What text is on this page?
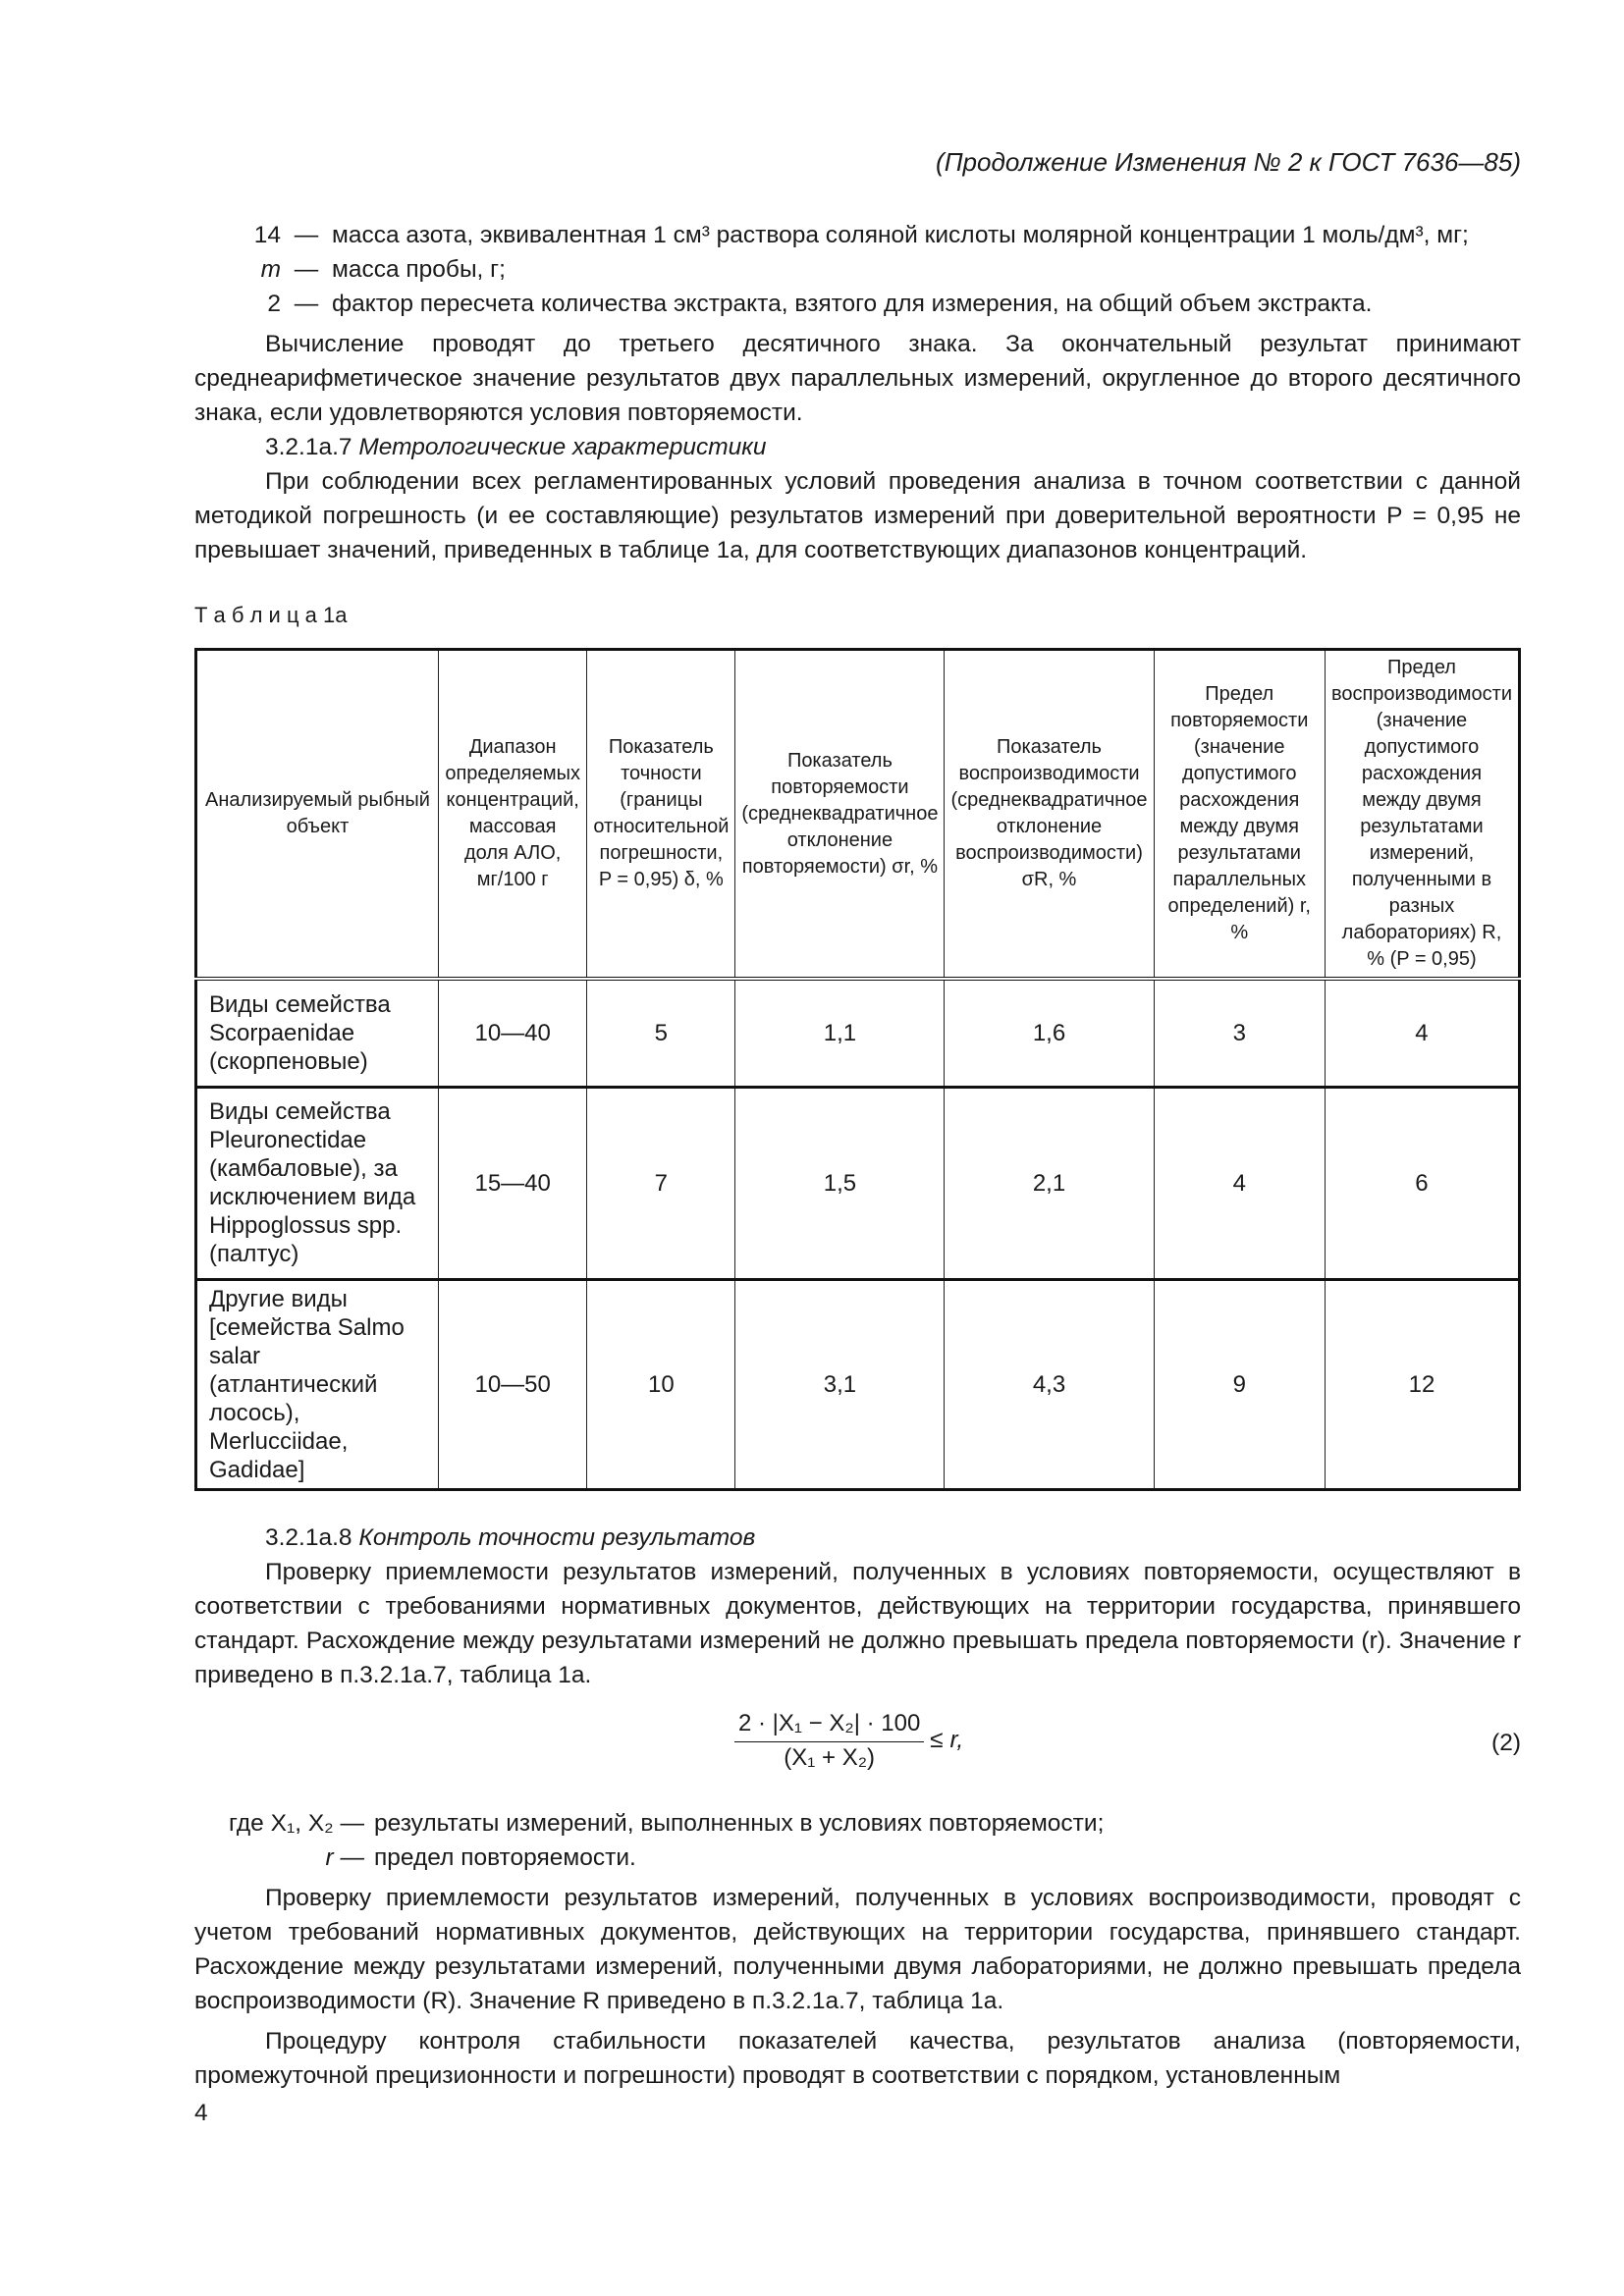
(Продолжение Изменения № 2 к ГОСТ 7636—85)
14 — масса азота, эквивалентная 1 см³ раствора соляной кислоты молярной концентрации 1 моль/дм³, мг;
m — масса пробы, г;
2 — фактор пересчета количества экстракта, взятого для измерения, на общий объем экстракта.
Вычисление проводят до третьего десятичного знака. За окончательный результат принимают среднеарифметическое значение результатов двух параллельных измерений, округленное до второго десятичного знака, если удовлетворяются условия повторяемости.
3.2.1а.7 Метрологические характеристики
При соблюдении всех регламентированных условий проведения анализа в точном соответствии с данной методикой погрешность (и ее составляющие) результатов измерений при доверительной вероятности P = 0,95 не превышает значений, приведенных в таблице 1а, для соответствующих диапазонов концентраций.
Т а б л и ц а 1а
Анализируемый рыбный объект	Диапазон определяемых концентраций, массовая доля АЛО, мг/100 г	Показатель точности (границы относительной погрешности, P = 0,95) δ, %	Показатель повторяемости (среднеквадратичное отклонение повторяемости) σr, %	Показатель воспроизводимости (среднеквадратичное отклонение воспроизводимости) σR, %	Предел повторяемости (значение допустимого расхождения между двумя результатами параллельных определений) r, %	Предел воспроизводимости (значение допустимого расхождения между двумя результатами измерений, полученными в разных лабораториях) R, % (P = 0,95)
Виды семейства Scorpaenidae (скорпеновые)	10—40	5	1,1	1,6	3	4
Виды семейства Pleuronectidae (камбаловые), за исключением вида Hippoglossus spp. (палтус)	15—40	7	1,5	2,1	4	6
Другие виды [семейства Salmo salar (атлантический лосось), Merlucciidae, Gadidae]	10—50	10	3,1	4,3	9	12
3.2.1а.8 Контроль точности результатов
Проверку приемлемости результатов измерений, полученных в условиях повторяемости, осуществляют в соответствии с требованиями нормативных документов, действующих на территории государства, принявшего стандарт. Расхождение между результатами измерений не должно превышать предела повторяемости (r). Значение r приведено в п.3.2.1а.7, таблица 1а.
$\frac{\text{2 · |X₁ − X₂| · 100}}{\text{(X₁ + X₂)}} \le r$,	(2)
где X₁, X₂ — результаты измерений, выполненных в условиях повторяемости;
r — предел повторяемости.
Проверку приемлемости результатов измерений, полученных в условиях воспроизводимости, проводят с учетом требований нормативных документов, действующих на территории государства, принявшего стандарт. Расхождение между результатами измерений, полученными двумя лабораториями, не должно превышать предела воспроизводимости (R). Значение R приведено в п.3.2.1а.7, таблица 1а.
Процедуру контроля стабильности показателей качества, результатов анализа (повторяемости, промежуточной прецизионности и погрешности) проводят в соответствии с порядком, установленным
4
